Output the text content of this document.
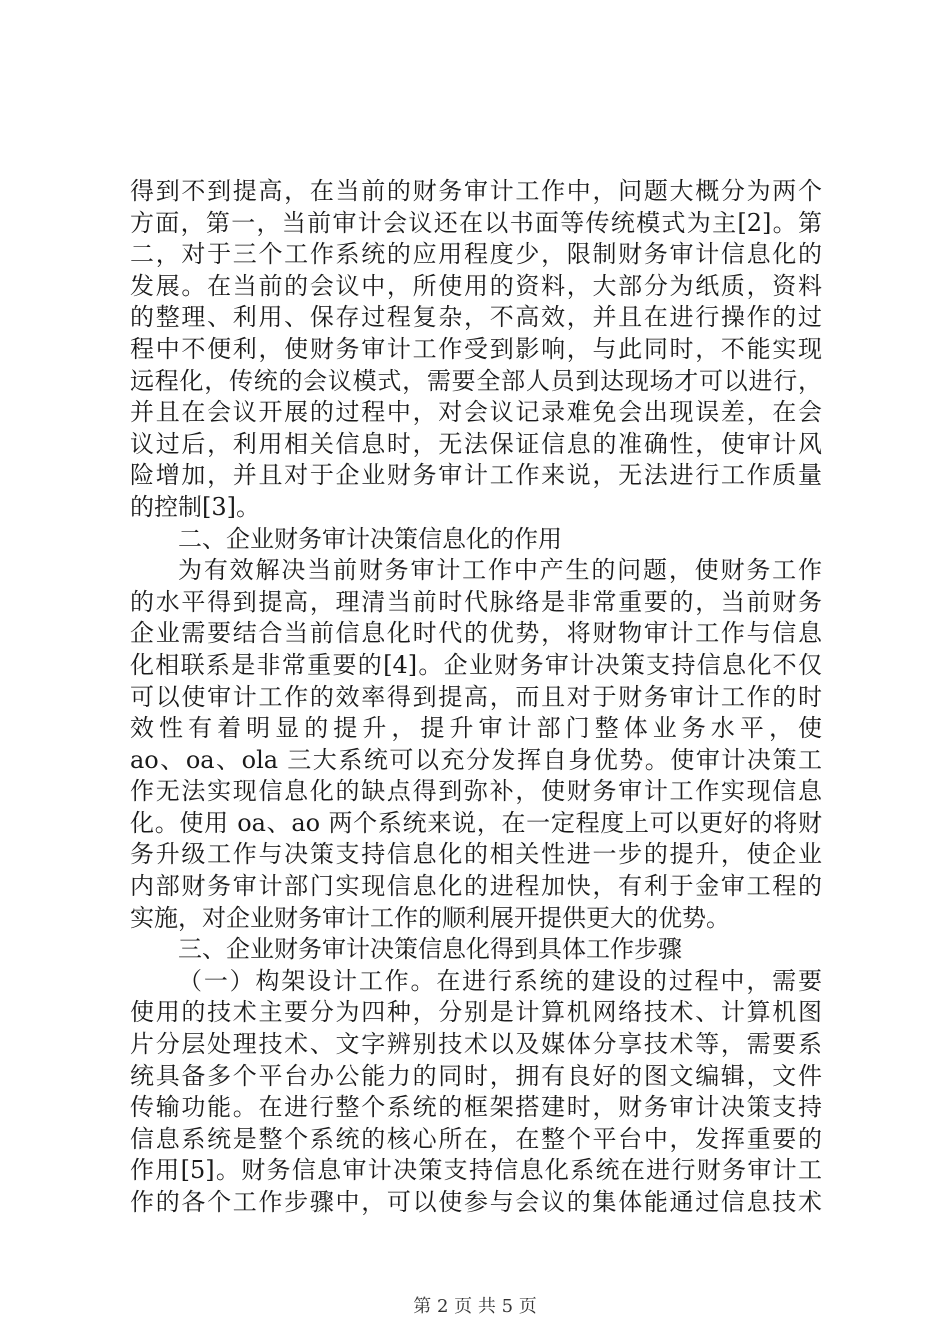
得到不到提高，在当前的财务审计工作中，问题大概分为两个
方面，第一，当前审计会议还在以书面等传统模式为主[2]。第
二，对于三个工作系统的应用程度少，限制财务审计信息化的
发展。在当前的会议中，所使用的资料，大部分为纸质，资料
的整理、利用、保存过程复杂，不高效，并且在进行操作的过
程中不便利，使财务审计工作受到影响，与此同时，不能实现
远程化，传统的会议模式，需要全部人员到达现场才可以进行，
并且在会议开展的过程中，对会议记录难免会出现误差，在会
议过后，利用相关信息时，无法保证信息的准确性，使审计风
险增加，并且对于企业财务审计工作来说，无法进行工作质量
的控制[3]。
二、企业财务审计决策信息化的作用
为有效解决当前财务审计工作中产生的问题，使财务工作
的水平得到提高，理清当前时代脉络是非常重要的，当前财务
企业需要结合当前信息化时代的优势，将财物审计工作与信息
化相联系是非常重要的[4]。企业财务审计决策支持信息化不仅
可以使审计工作的效率得到提高，而且对于财务审计工作的时
效性有着明显的提升，提升审计部门整体业务水平，使
ao、oa、ola 三大系统可以充分发挥自身优势。使审计决策工
作无法实现信息化的缺点得到弥补，使财务审计工作实现信息
化。使用 oa、ao 两个系统来说，在一定程度上可以更好的将财
务升级工作与决策支持信息化的相关性进一步的提升，使企业
内部财务审计部门实现信息化的进程加快，有利于金审工程的
实施，对企业财务审计工作的顺利展开提供更大的优势。
三、企业财务审计决策信息化得到具体工作步骤
（一）构架设计工作。在进行系统的建设的过程中，需要
使用的技术主要分为四种，分别是计算机网络技术、计算机图
片分层处理技术、文字辨别技术以及媒体分享技术等，需要系
统具备多个平台办公能力的同时，拥有良好的图文编辑，文件
传输功能。在进行整个系统的框架搭建时，财务审计决策支持
信息系统是整个系统的核心所在，在整个平台中，发挥重要的
作用[5]。财务信息审计决策支持信息化系统在进行财务审计工
作的各个工作步骤中，可以使参与会议的集体能通过信息技术
第 2 页 共 5 页
